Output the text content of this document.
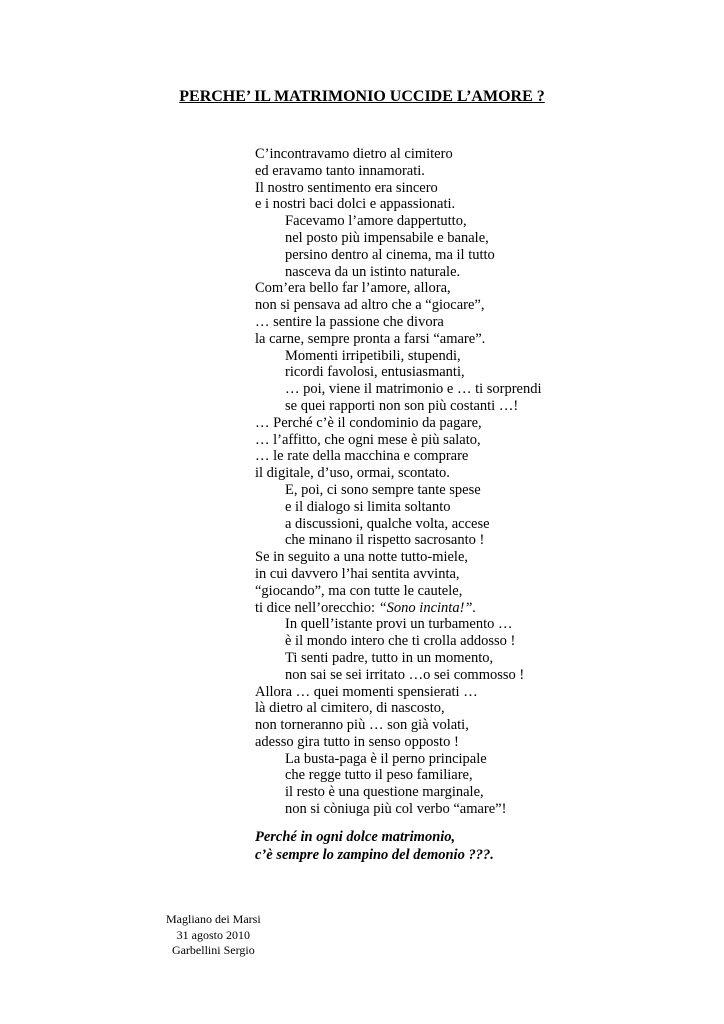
PERCHE’ IL MATRIMONIO UCCIDE L’AMORE ?
C’incontravamo dietro al cimitero
ed eravamo tanto innamorati.
Il nostro sentimento era sincero
e i nostri baci dolci e appassionati.
Facevamo l’amore dappertutto,
nel posto più impensabile e banale,
persino dentro al cinema, ma il tutto
nasceva da un istinto naturale.
Com’era bello far l’amore, allora,
non si pensava ad altro che a “giocare”,
… sentire la passione che divora
la carne, sempre pronta a farsi “amare”.
Momenti irripetibili, stupendi,
ricordi favolosi, entusiasmanti,
… poi, viene il matrimonio e … ti sorprendi
se quei rapporti non son più costanti …!
… Perché c’è il condominio da pagare,
… l’affitto, che ogni mese è più salato,
… le rate della macchina e comprare
il digitale, d’uso, ormai, scontato.
E, poi, ci sono sempre tante spese
e il dialogo si limita soltanto
a discussioni, qualche volta, accese
che minano il rispetto sacrosanto !
Se in seguito a una notte tutto-miele,
in cui davvero l’hai sentita avvinta,
“giocando”, ma con tutte le cautele,
ti dice nell’orecchio: “Sono incinta!”.
In quell’istante provi un turbamento …
è il mondo intero che ti crolla addosso !
Ti senti padre, tutto in un momento,
non sai se sei irritato …o sei commosso !
Allora … quei momenti spensierati …
là dietro al cimitero, di nascosto,
non torneranno più … son già volati,
adesso gira tutto in senso opposto !
La busta-paga è il perno principale
che regge tutto il peso familiare,
il resto è una questione marginale,
non si còniuga più col verbo “amare”!
Perché in ogni dolce matrimonio,
c’è sempre lo zampino del demonio ???.
Magliano dei Marsi
31 agosto 2010
Garbellini Sergio
